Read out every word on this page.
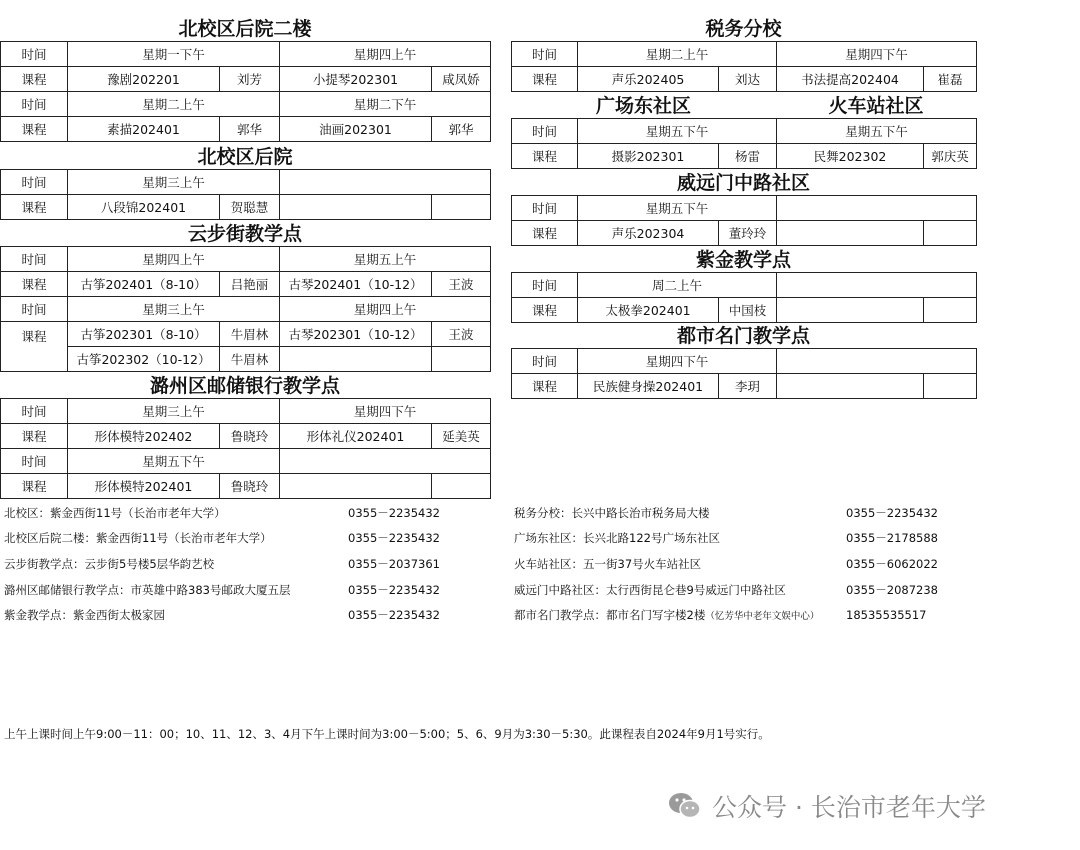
北校区后院二楼
时间	星期一下午		星期四上午	
课程	豫剧202201	刘芳	小提琴202301	咸凤娇
时间	星期二上午		星期二下午	
课程	素描202401	郭华	油画202301	郭华
北校区后院
时间	星期三上午			
课程	八段锦202401	贺聪慧		
云步街教学点
时间	星期四上午		星期五上午	
课程	古筝202401（8-10）	吕艳丽	古琴202401（10-12）	王波
时间	星期三上午		星期四上午	
课程	古筝202301（8-10）	牛眉林	古琴202301（10-12）	王波
	古筝202302（10-12）	牛眉林		
潞州区邮储银行教学点
时间	星期三上午		星期四下午	
课程	形体模特202402	鲁晓玲	形体礼仪202401	延美英
时间	星期五下午			
课程	形体模特202401	鲁晓玲		
税务分校
时间	星期二上午		星期四下午	
课程	声乐202405	刘达	书法提高202404	崔磊
广场东社区	火车站社区
时间	星期五下午		星期五下午	
课程	摄影202301	杨雷	民舞202302	郭庆英
威远门中路社区
时间	星期五下午			
课程	声乐202304	董玲玲		
紫金教学点
时间	周二上午			
课程	太极拳202401	中国枝		
都市名门教学点
时间	星期四下午			
课程	民族健身操202401	李玥		
北校区：紫金西街11号（长治市老年大学）	0355－2235432
北校区后院二楼：紫金西街11号（长治市老年大学）	0355－2235432
云步街教学点：云步街5号楼5层华韵艺校	0355－2037361
潞州区邮储银行教学点：市英雄中路383号邮政大厦五层	0355－2235432
紫金教学点：紫金西街太极家园	0355－2235432
税务分校：长兴中路长治市税务局大楼	0355－2235432
广场东社区：长兴北路122号广场东社区	0355－2178588
火车站社区：五一街37号火车站社区	0355－6062022
威远门中路社区：太行西街昆仑巷9号威远门中路社区	0355－2087238
都市名门教学点：都市名门写字楼2楼（忆芳华中老年文娱中心） 18535535517
上午上课时间上午9:00－11：00；10、11、12、3、4月下午上课时间为3:00－5:00；5、6、9月为3:30－5:30。此课程表自2024年9月1号实行。
公众号 · 长治市老年大学
